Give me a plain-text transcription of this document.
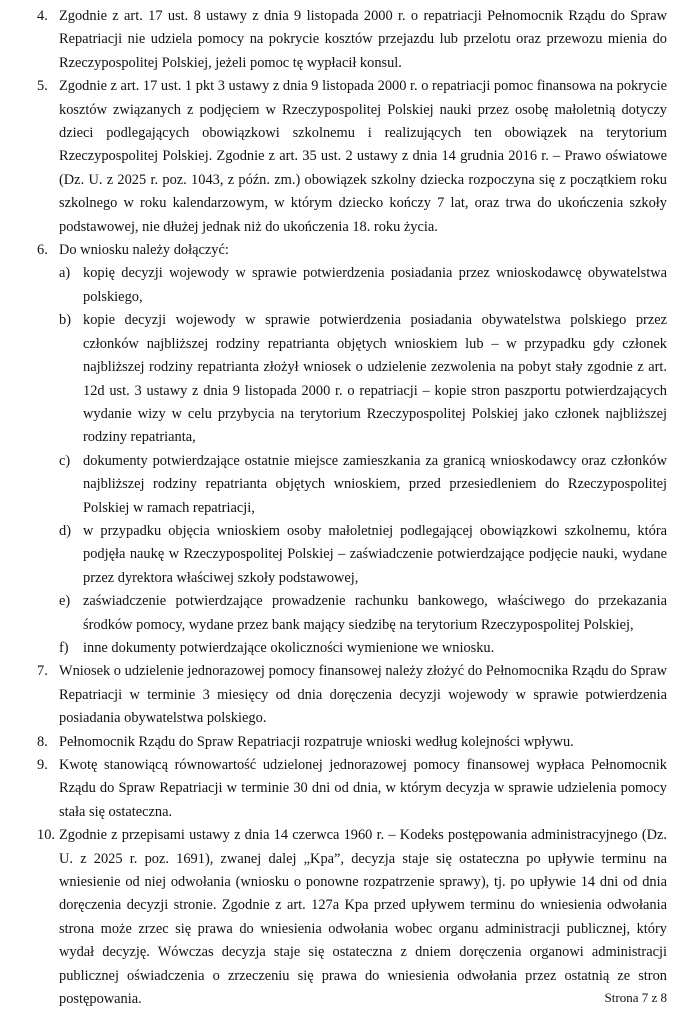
4. Zgodnie z art. 17 ust. 8 ustawy z dnia 9 listopada 2000 r. o repatriacji Pełnomocnik Rządu do Spraw Repatriacji nie udziela pomocy na pokrycie kosztów przejazdu lub przelotu oraz przewozu mienia do Rzeczypospolitej Polskiej, jeżeli pomoc tę wypłacił konsul.
5. Zgodnie z art. 17 ust. 1 pkt 3 ustawy z dnia 9 listopada 2000 r. o repatriacji pomoc finansowa na pokrycie kosztów związanych z podjęciem w Rzeczypospolitej Polskiej nauki przez osobę małoletnią dotyczy dzieci podlegających obowiązkowi szkolnemu i realizujących ten obowiązek na terytorium Rzeczypospolitej Polskiej. Zgodnie z art. 35 ust. 2 ustawy z dnia 14 grudnia 2016 r. – Prawo oświatowe (Dz. U. z 2025 r. poz. 1043, z późn. zm.) obowiązek szkolny dziecka rozpoczyna się z początkiem roku szkolnego w roku kalendarzowym, w którym dziecko kończy 7 lat, oraz trwa do ukończenia szkoły podstawowej, nie dłużej jednak niż do ukończenia 18. roku życia.
6. Do wniosku należy dołączyć:
a) kopię decyzji wojewody w sprawie potwierdzenia posiadania przez wnioskodawcę obywatelstwa polskiego,
b) kopie decyzji wojewody w sprawie potwierdzenia posiadania obywatelstwa polskiego przez członków najbliższej rodziny repatrianta objętych wnioskiem lub – w przypadku gdy członek najbliższej rodziny repatrianta złożył wniosek o udzielenie zezwolenia na pobyt stały zgodnie z art. 12d ust. 3 ustawy z dnia 9 listopada 2000 r. o repatriacji – kopie stron paszportu potwierdzających wydanie wizy w celu przybycia na terytorium Rzeczypospolitej Polskiej jako członek najbliższej rodziny repatrianta,
c) dokumenty potwierdzające ostatnie miejsce zamieszkania za granicą wnioskodawcy oraz członków najbliższej rodziny repatrianta objętych wnioskiem, przed przesiedleniem do Rzeczypospolitej Polskiej w ramach repatriacji,
d) w przypadku objęcia wnioskiem osoby małoletniej podlegającej obowiązkowi szkolnemu, która podjęła naukę w Rzeczypospolitej Polskiej – zaświadczenie potwierdzające podjęcie nauki, wydane przez dyrektora właściwej szkoły podstawowej,
e) zaświadczenie potwierdzające prowadzenie rachunku bankowego, właściwego do przekazania środków pomocy, wydane przez bank mający siedzibę na terytorium Rzeczypospolitej Polskiej,
f)	inne dokumenty potwierdzające okoliczności wymienione we wniosku.
7. Wniosek o udzielenie jednorazowej pomocy finansowej należy złożyć do Pełnomocnika Rządu do Spraw Repatriacji w terminie 3 miesięcy od dnia doręczenia decyzji wojewody w sprawie potwierdzenia posiadania obywatelstwa polskiego.
8. Pełnomocnik Rządu do Spraw Repatriacji rozpatruje wnioski według kolejności wpływu.
9. Kwotę stanowiącą równowartość udzielonej jednorazowej pomocy finansowej wypłaca Pełnomocnik Rządu do Spraw Repatriacji w terminie 30 dni od dnia, w którym decyzja w sprawie udzielenia pomocy stała się ostateczna.
10. Zgodnie z przepisami ustawy z dnia 14 czerwca 1960 r. – Kodeks postępowania administracyjnego (Dz. U. z 2025 r. poz. 1691), zwanej dalej „Kpa”, decyzja staje się ostateczna po upływie terminu na wniesienie od niej odwołania (wniosku o ponowne rozpatrzenie sprawy), tj. po upływie 14 dni od dnia doręczenia decyzji stronie. Zgodnie z art. 127a Kpa przed upływem terminu do wniesienia odwołania strona może zrzec się prawa do wniesienia odwołania wobec organu administracji publicznej, który wydał decyzję. Wówczas decyzja staje się ostateczna z dniem doręczenia organowi administracji publicznej oświadczenia o zrzeczeniu się prawa do wniesienia odwołania przez ostatnią ze stron postępowania.	Strona 7 z 8
